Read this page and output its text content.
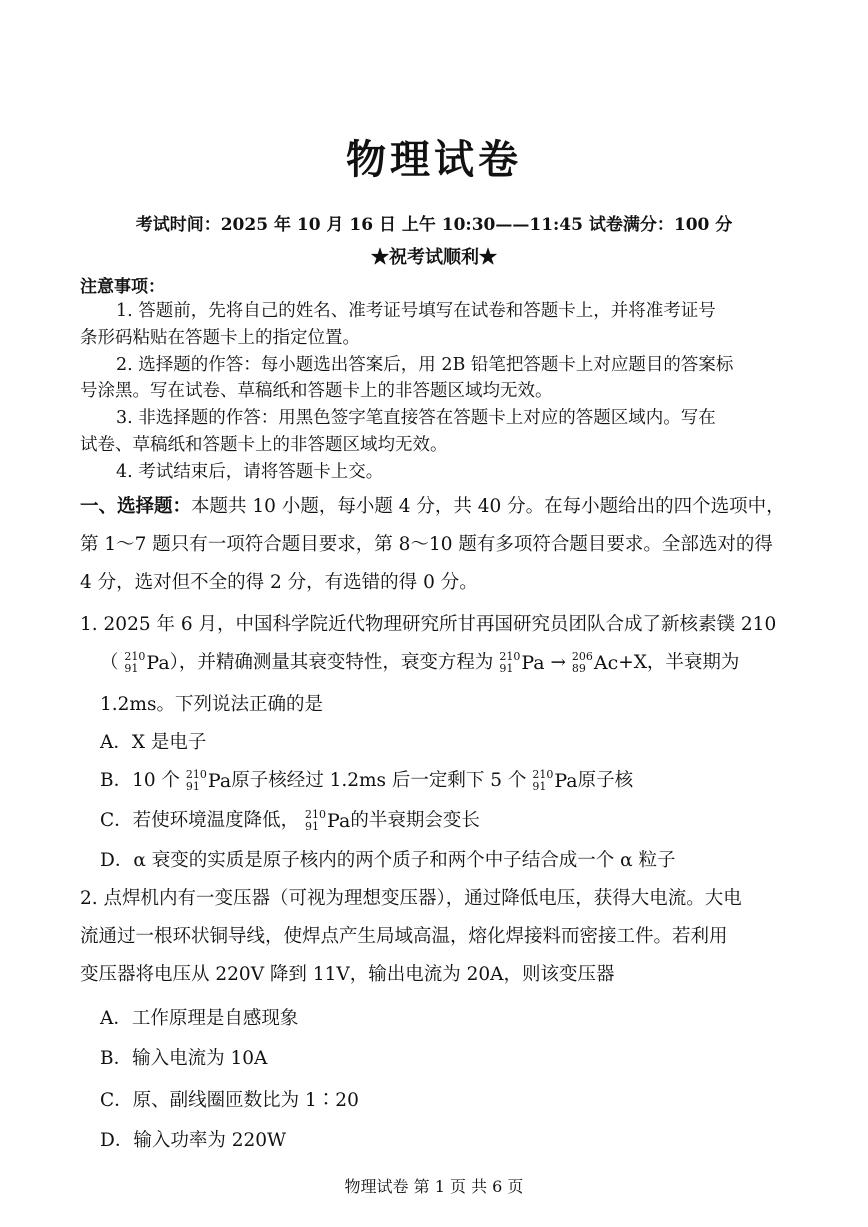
物理试卷
考试时间：2025 年 10 月 16 日 上午 10:30——11:45 试卷满分：100 分
★祝考试顺利★
注意事项：
1. 答题前，先将自己的姓名、准考证号填写在试卷和答题卡上，并将准考证号
条形码粘贴在答题卡上的指定位置。
2. 选择题的作答：每小题选出答案后，用 2B 铅笔把答题卡上对应题目的答案标
号涂黑。写在试卷、草稿纸和答题卡上的非答题区域均无效。
3. 非选择题的作答：用黑色签字笔直接答在答题卡上对应的答题区域内。写在
试卷、草稿纸和答题卡上的非答题区域均无效。
4. 考试结束后，请将答题卡上交。
一、选择题：本题共 10 小题，每小题 4 分，共 40 分。在每小题给出的四个选项中，
第 1～7 题只有一项符合题目要求，第 8～10 题有多项符合题目要求。全部选对的得
4 分，选对但不全的得 2 分，有选错的得 0 分。
1. 2025 年 6 月，中国科学院近代物理研究所甘再国研究员团队合成了新核素镤 210
（ 210
91 Pa ），并精确测量其衰变特性，衰变方程为 210
91 Pa → 206
89 Ac +X，半衰期为
1.2ms。下列说法正确的是
A．X 是电子
B．10 个 210
91 Pa 原子核经过 1.2ms 后一定剩下 5 个 210
91 Pa 原子核
C．若使环境温度降低， 210
91 Pa 的半衰期会变长
D．α 衰变的实质是原子核内的两个质子和两个中子结合成一个 α 粒子
2. 点焊机内有一变压器（可视为理想变压器），通过降低电压，获得大电流。大电
流通过一根环状铜导线，使焊点产生局域高温，熔化焊接料而密接工件。若利用
变压器将电压从 220V 降到 11V，输出电流为 20A，则该变压器
A．工作原理是自感现象
B．输入电流为 10A
C．原、副线圈匝数比为 1∶20
D．输入功率为 220W
物理试卷 第 1 页 共 6 页
